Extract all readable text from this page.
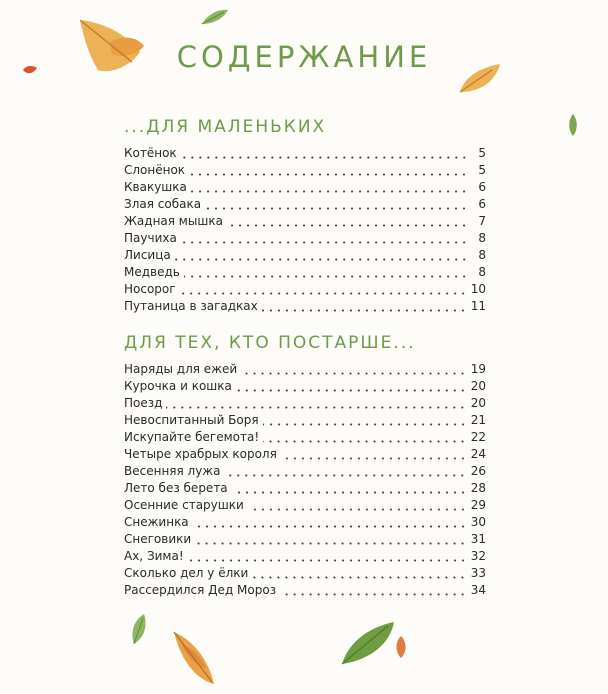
СОДЕРЖАНИЕ
...ДЛЯ МАЛЕНЬКИХ
Котёнок	5
Слонёнок	5
Квакушка	6
Злая собака	6
Жадная мышка	7
Паучиха	8
Лисица	8
Медведь	8
Носорог	10
Путаница в загадках	11
ДЛЯ ТЕХ, КТО ПОСТАРШЕ...
Наряды для ежей	19
Курочка и кошка	20
Поезд	20
Невоспитанный Боря	21
Искупайте бегемота!	22
Четыре храбрых короля	24
Весенняя лужа	26
Лето без берета	28
Осенние старушки	29
Снежинка	30
Снеговики	31
Ах, Зима!	32
Сколько дел у ёлки	33
Рассердился Дед Мороз	34
